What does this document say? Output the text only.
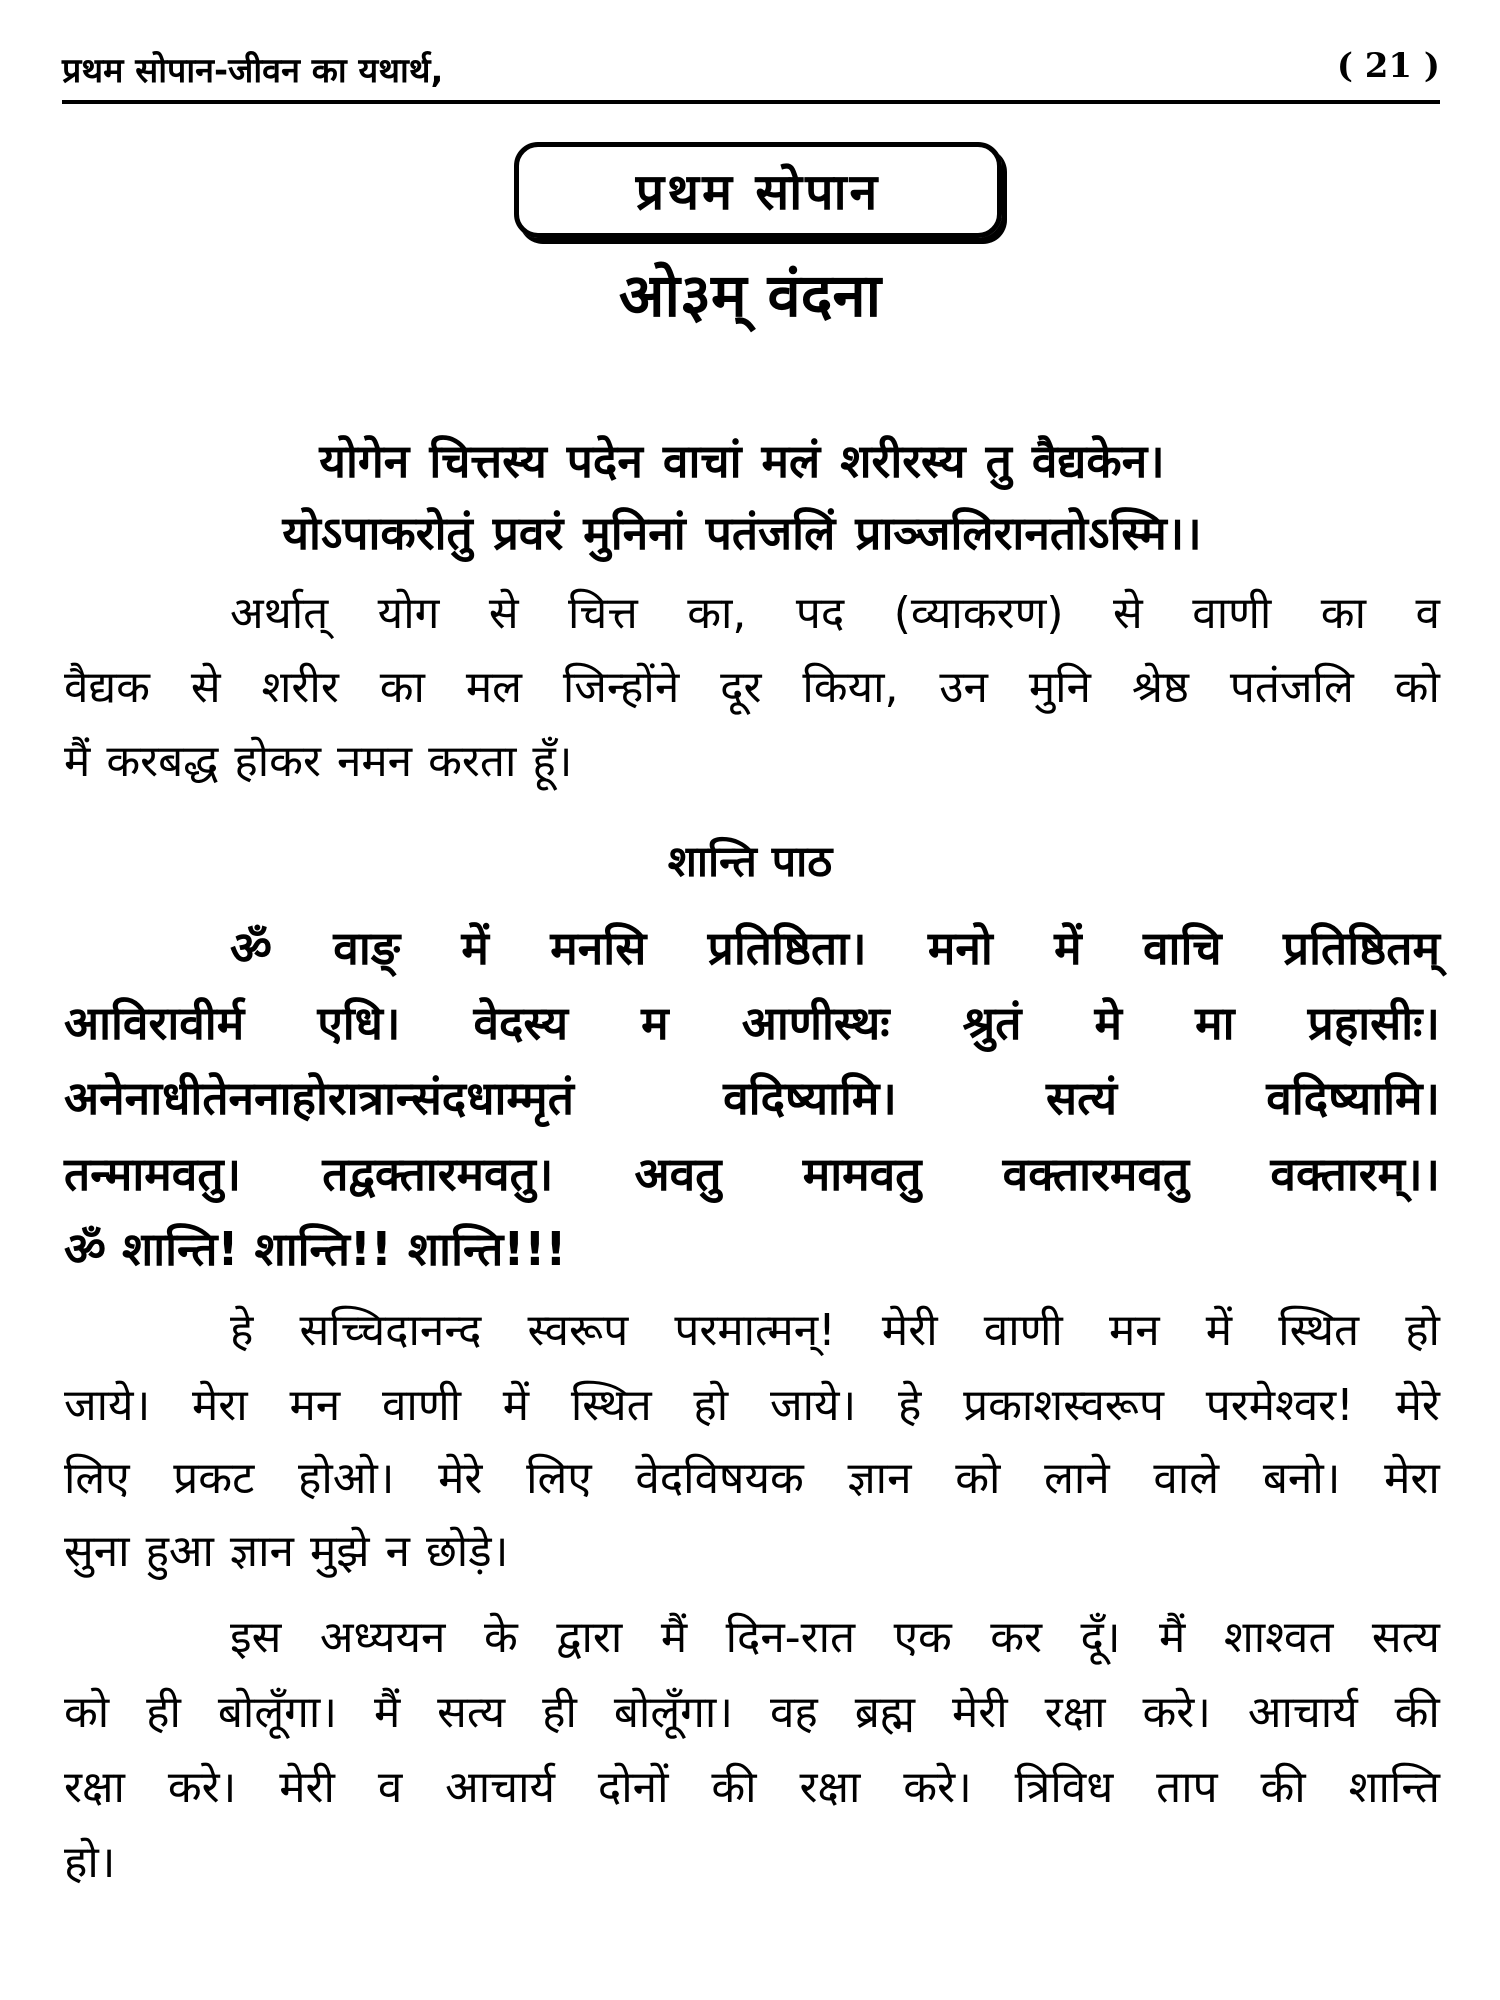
प्रथम सोपान-जीवन का यथार्थ,	( 21 )
प्रथम सोपान
ओ३म् वंदना
योगेन चित्तस्य पदेन वाचां मलं शरीरस्य तु वैद्यकेन।
योऽपाकरोतुं प्रवरं मुनिनां पतंजलिं प्राञ्जलिरानतोऽस्मि।।
अर्थात् योग से चित्त का, पद (व्याकरण) से वाणी का व
वैद्यक से शरीर का मल जिन्होंने दूर किया, उन मुनि श्रेष्ठ पतंजलि को
मैं करबद्ध होकर नमन करता हूँ।
शान्ति पाठ
ॐ वाङ् में मनसि प्रतिष्ठिता। मनो में वाचि प्रतिष्ठितम्
आविरावीर्म एधि। वेदस्य म आणीस्थः श्रुतं मे मा प्रहासीः।
अनेनाधीतेननाहोरात्रान्संदधाम्मृतं	वदिष्यामि।	सत्यं	वदिष्यामि।
तन्मामवतु। तद्वक्तारमवतु। अवतु मामवतु वक्तारमवतु वक्तारम्।।
ॐ शान्ति! शान्ति!! शान्ति!!!
हे सच्चिदानन्द स्वरूप परमात्मन्! मेरी वाणी मन में स्थित हो
जाये। मेरा मन वाणी में स्थित हो जाये। हे प्रकाशस्वरूप परमेश्वर! मेरे
लिए प्रकट होओ। मेरे लिए वेदविषयक ज्ञान को लाने वाले बनो। मेरा
सुना हुआ ज्ञान मुझे न छोड़े।
इस अध्ययन के द्वारा मैं दिन-रात एक कर दूँ। मैं शाश्वत सत्य
को ही बोलूँगा। मैं सत्य ही बोलूँगा। वह ब्रह्म मेरी रक्षा करे। आचार्य की
रक्षा करे। मेरी व आचार्य दोनों की रक्षा करे। त्रिविध ताप की शान्ति
हो।
